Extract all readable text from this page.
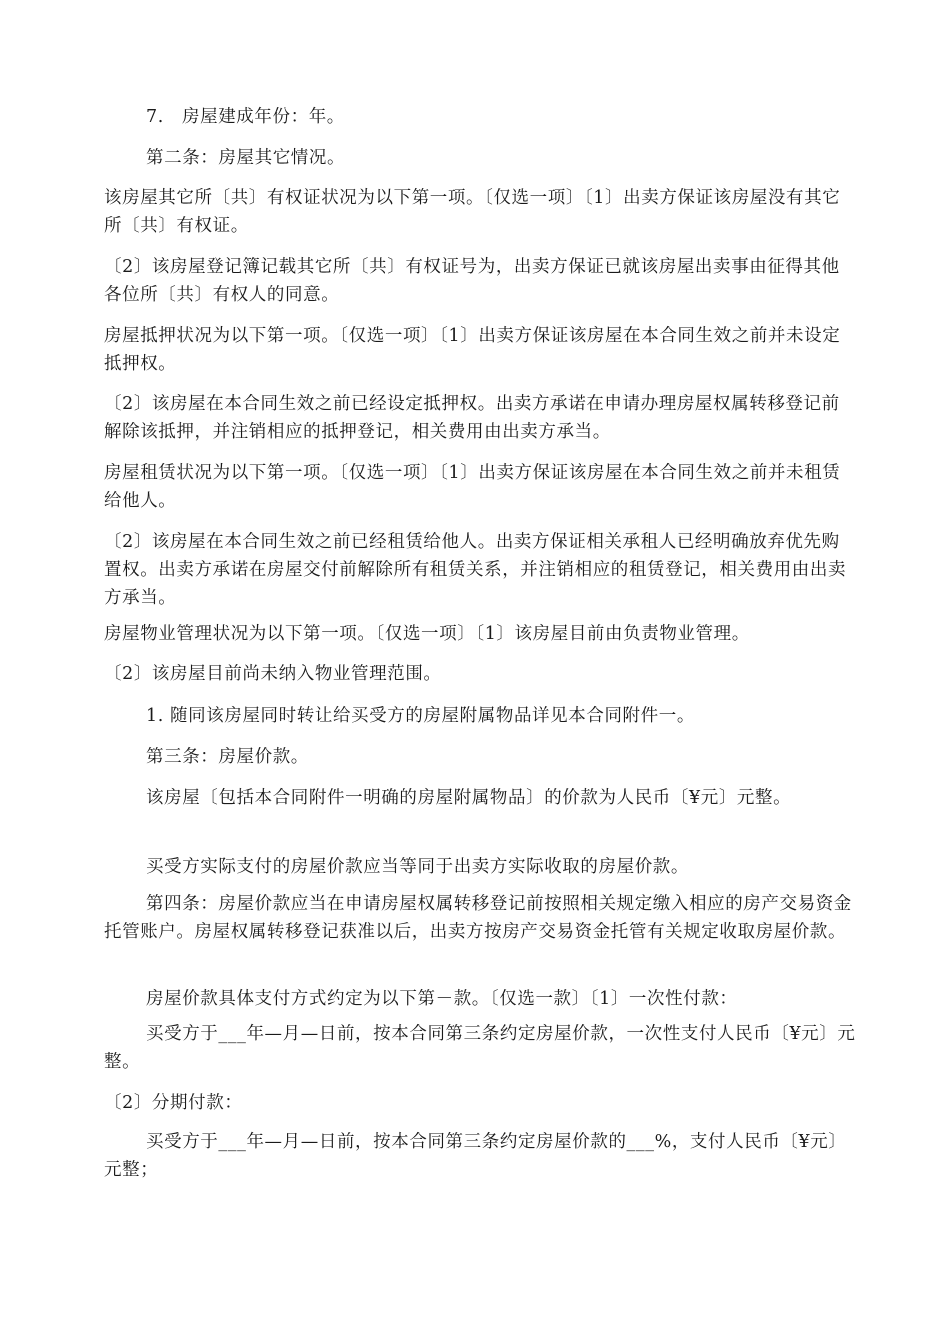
7.　房屋建成年份：年。

第二条：房屋其它情况。

该房屋其它所〔共〕有权证状况为以下第一项。〔仅选一项〕〔1〕出卖方保证该房屋没有其它所〔共〕有权证。

〔2〕该房屋登记簿记载其它所〔共〕有权证号为，出卖方保证已就该房屋出卖事由征得其他各位所〔共〕有权人的同意。

房屋抵押状况为以下第一项。〔仅选一项〕〔1〕出卖方保证该房屋在本合同生效之前并未设定抵押权。

〔2〕该房屋在本合同生效之前已经设定抵押权。出卖方承诺在申请办理房屋权属转移登记前解除该抵押，并注销相应的抵押登记，相关费用由出卖方承当。

房屋租赁状况为以下第一项。〔仅选一项〕〔1〕出卖方保证该房屋在本合同生效之前并未租赁给他人。

〔2〕该房屋在本合同生效之前已经租赁给他人。出卖方保证相关承租人已经明确放弃优先购置权。出卖方承诺在房屋交付前解除所有租赁关系，并注销相应的租赁登记，相关费用由出卖方承当。

房屋物业管理状况为以下第一项。〔仅选一项〕〔1〕该房屋目前由负责物业管理。

〔2〕该房屋目前尚未纳入物业管理范围。

1. 随同该房屋同时转让给买受方的房屋附属物品详见本合同附件一。

第三条：房屋价款。

该房屋〔包括本合同附件一明确的房屋附属物品〕的价款为人民币〔¥元〕元整。

买受方实际支付的房屋价款应当等同于出卖方实际收取的房屋价款。

第四条：房屋价款应当在申请房屋权属转移登记前按照相关规定缴入相应的房产交易资金托管账户。房屋权属转移登记获准以后，出卖方按房产交易资金托管有关规定收取房屋价款。

房屋价款具体支付方式约定为以下第－款。〔仅选一款〕〔1〕一次性付款：

买受方于___年—月—日前，按本合同第三条约定房屋价款，一次性支付人民币〔¥元〕元整。

〔2〕分期付款：

买受方于___年—月—日前，按本合同第三条约定房屋价款的___%，支付人民币〔¥元〕元整；
